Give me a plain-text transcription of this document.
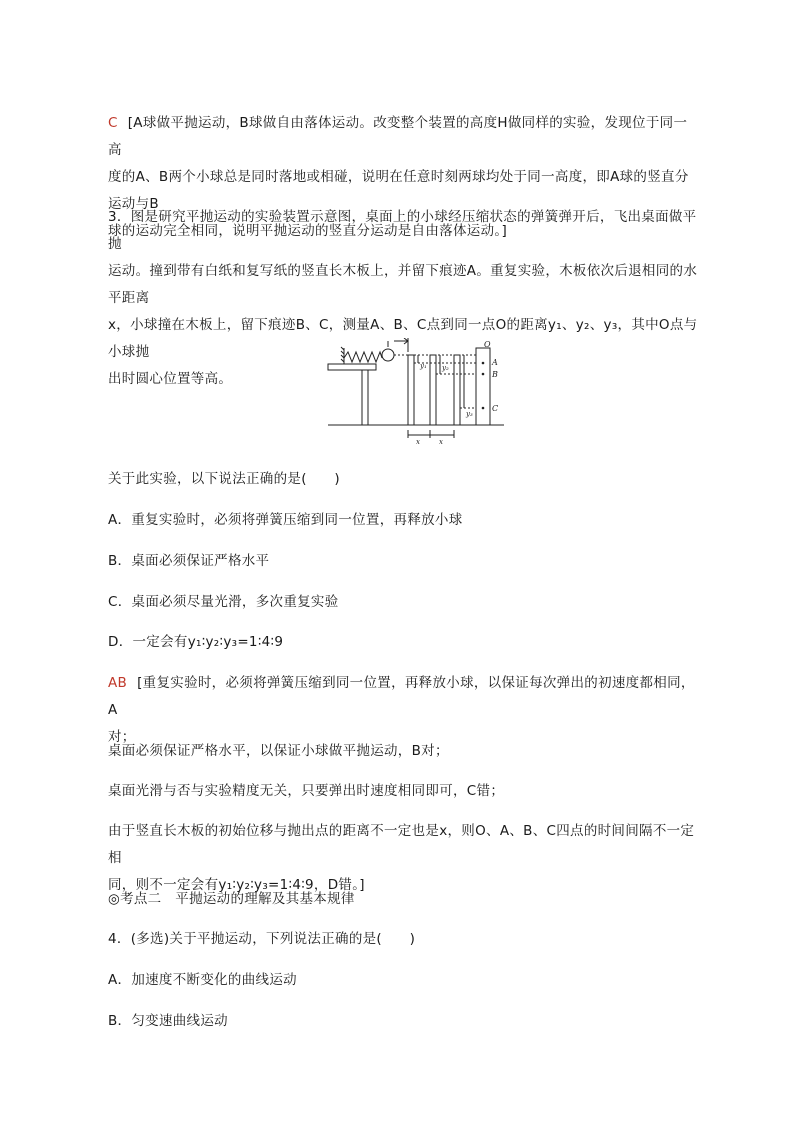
C [A球做平抛运动，B球做自由落体运动。改变整个装置的高度H做同样的实验，发现位于同一高
度的A、B两个小球总是同时落地或相碰，说明在任意时刻两球均处于同一高度，即A球的竖直分运动与B
球的运动完全相同，说明平抛运动的竖直分运动是自由落体运动。]

3．图是研究平抛运动的实验装置示意图，桌面上的小球经压缩状态的弹簧弹开后，飞出桌面做平抛
运动。撞到带有白纸和复写纸的竖直长木板上，并留下痕迹A。重复实验，木板依次后退相同的水平距离
x，小球撞在木板上，留下痕迹B、C，测量A、B、C点到同一点O的距离y₁、y₂、y₃，其中O点与小球抛
出时圆心位置等高。

O
A
B
C
y₁ y₂
y₃
x	x

关于此实验，以下说法正确的是(　　)

A．重复实验时，必须将弹簧压缩到同一位置，再释放小球

B．桌面必须保证严格水平

C．桌面必须尽量光滑，多次重复实验

D．一定会有y₁∶y₂∶y₃=1∶4∶9

AB [重复实验时，必须将弹簧压缩到同一位置，再释放小球，以保证每次弹出的初速度都相同，A
对；

桌面必须保证严格水平，以保证小球做平抛运动，B对；

桌面光滑与否与实验精度无关，只要弹出时速度相同即可，C错；

由于竖直长木板的初始位移与抛出点的距离不一定也是x，则O、A、B、C四点的时间间隔不一定相
同，则不一定会有y₁∶y₂∶y₃=1∶4∶9，D错。]

◎考点二　平抛运动的理解及其基本规律

4．(多选)关于平抛运动，下列说法正确的是(　　)

A．加速度不断变化的曲线运动

B．匀变速曲线运动
